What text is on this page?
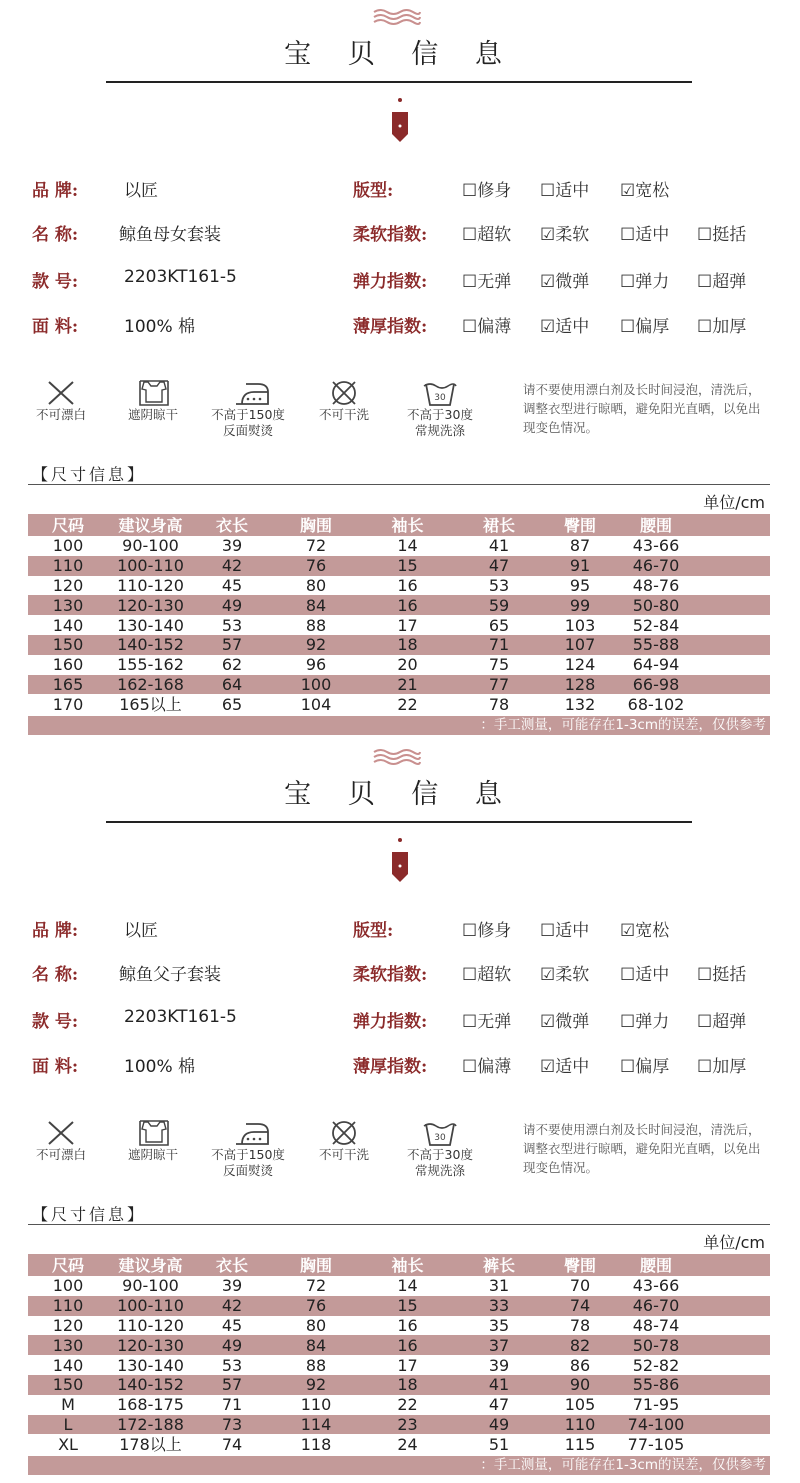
宝 贝 信 息
品 牌:	以匠
名 称: 鲸鱼母女套装
款 号:	2203KT161-5
面 料:	100% 棉
版型:	☐修身 ☐适中 ☑宽松
柔软指数: ☐超软 ☑柔软 ☐适中 ☐挺括
弹力指数: ☐无弹 ☑微弹 ☐弹力 ☐超弹
薄厚指数: ☐偏薄 ☑适中 ☐偏厚 ☐加厚
不可漂白	遮阴晾干	不高于150度
反面熨烫
不可干洗
30
不高于30度
常规洗涤
请不要使用漂白剂及长时间浸泡，清洗后，调整衣型进行晾晒，避免阳光直晒，以免出现变色情况。
【尺寸信息】
单位/cm
尺码	建议身高	衣长	胸围	袖长	裙长	臀围	腰围	
100	90-100	39	72	14	41	87	43-66	
110	100-110	42	76	15	47	91	46-70	
120	110-120	45	80	16	53	95	48-76	
130	120-130	49	84	16	59	99	50-80	
140	130-140	53	88	17	65	103	52-84	
150	140-152	57	92	18	71	107	55-88	
160	155-162	62	96	20	75	124	64-94	
165	162-168	64	100	21	77	128	66-98	
170	165以上	65	104	22	78	132	68-102	
：手工测量，可能存在1-3cm的误差，仅供参考
宝 贝 信 息
品 牌:	以匠
名 称: 鲸鱼父子套装
款 号:	2203KT161-5
面 料:	100% 棉
版型:	☐修身 ☐适中 ☑宽松
柔软指数: ☐超软 ☑柔软 ☐适中 ☐挺括
弹力指数: ☐无弹 ☑微弹 ☐弹力 ☐超弹
薄厚指数: ☐偏薄 ☑适中 ☐偏厚 ☐加厚
不可漂白	遮阴晾干	不高于150度
反面熨烫
不可干洗
30
不高于30度
常规洗涤
请不要使用漂白剂及长时间浸泡，清洗后，调整衣型进行晾晒，避免阳光直晒，以免出现变色情况。
【尺寸信息】
单位/cm
尺码	建议身高	衣长	胸围	袖长	裤长	臀围	腰围	
100	90-100	39	72	14	31	70	43-66	
110	100-110	42	76	15	33	74	46-70	
120	110-120	45	80	16	35	78	48-74	
130	120-130	49	84	16	37	82	50-78	
140	130-140	53	88	17	39	86	52-82	
150	140-152	57	92	18	41	90	55-86	
M	168-175	71	110	22	47	105	71-95	
L	172-188	73	114	23	49	110	74-100	
XL	178以上	74	118	24	51	115	77-105	
：手工测量，可能存在1-3cm的误差，仅供参考
